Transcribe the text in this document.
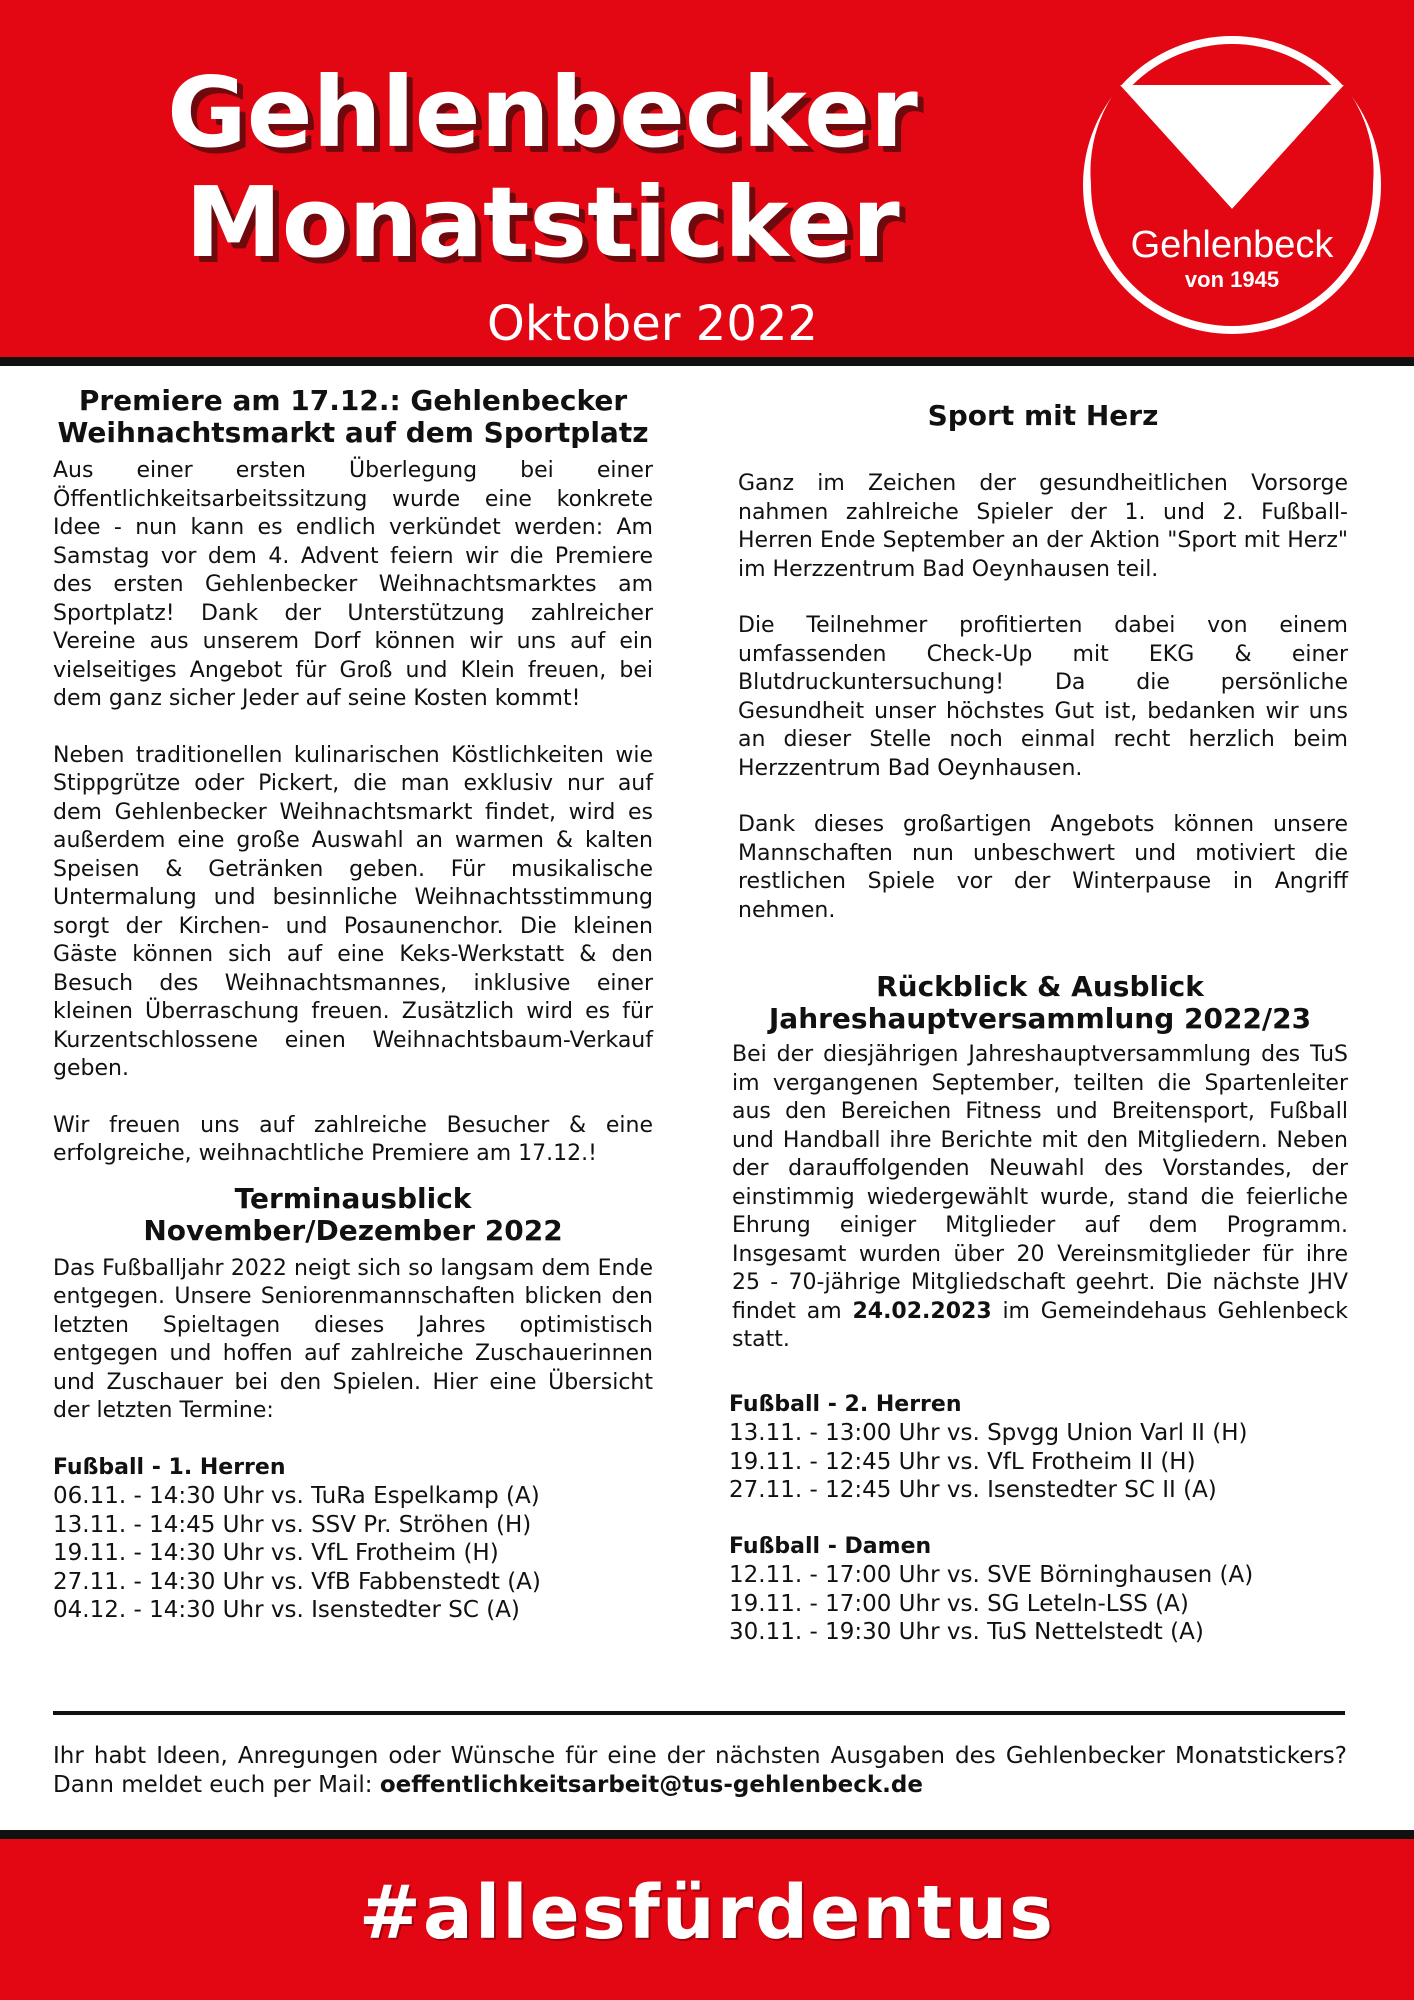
Gehlenbecker
Monatsticker
Oktober 2022
TUS
Gehlenbeck
von 1945
Premiere am 17.12.: Gehlenbecker
Weihnachtsmarkt auf dem Sportplatz

Aus einer ersten Überlegung bei einer Öffentlichkeitsarbeitssitzung wurde eine konkrete Idee - nun kann es endlich verkündet werden: Am Samstag vor dem 4. Advent feiern wir die Premiere des ersten Gehlenbecker Weihnachtsmarktes am Sportplatz! Dank der Unterstützung zahlreicher Vereine aus unserem Dorf können wir uns auf ein vielseitiges Angebot für Groß und Klein freuen, bei dem ganz sicher Jeder auf seine Kosten kommt!

Neben traditionellen kulinarischen Köstlichkeiten wie Stippgrütze oder Pickert, die man exklusiv nur auf dem Gehlenbecker Weihnachtsmarkt findet, wird es außerdem eine große Auswahl an warmen & kalten Speisen & Getränken geben. Für musikalische Untermalung und besinnliche Weihnachtsstimmung sorgt der Kirchen- und Posaunenchor. Die kleinen Gäste können sich auf eine Keks-Werkstatt & den Besuch des Weihnachtsmannes, inklusive einer kleinen Überraschung freuen. Zusätzlich wird es für Kurzentschlossene einen Weihnachtsbaum-Verkauf geben.

Wir freuen uns auf zahlreiche Besucher & eine erfolgreiche, weihnachtliche Premiere am 17.12.!

Terminausblick
November/Dezember 2022

Das Fußballjahr 2022 neigt sich so langsam dem Ende entgegen. Unsere Seniorenmannschaften blicken den letzten Spieltagen dieses Jahres optimistisch entgegen und hoffen auf zahlreiche Zuschauerinnen und Zuschauer bei den Spielen. Hier eine Übersicht der letzten Termine:

Fußball - 1. Herren

06.11. - 14:30 Uhr vs. TuRa Espelkamp (A)

13.11. - 14:45 Uhr vs. SSV Pr. Ströhen (H)

19.11. - 14:30 Uhr vs. VfL Frotheim (H)

27.11. - 14:30 Uhr vs. VfB Fabbenstedt (A)

04.12. - 14:30 Uhr vs. Isenstedter SC (A)

Sport mit Herz

Ganz im Zeichen der gesundheitlichen Vorsorge nahmen zahlreiche Spieler der 1. und 2. Fußball-Herren Ende September an der Aktion "Sport mit Herz" im Herzzentrum Bad Oeynhausen teil.

Die Teilnehmer profitierten dabei von einem umfassenden Check-Up mit EKG & einer Blutdruckuntersuchung! Da die persönliche Gesundheit unser höchstes Gut ist, bedanken wir uns an dieser Stelle noch einmal recht herzlich beim Herzzentrum Bad Oeynhausen.

Dank dieses großartigen Angebots können unsere Mannschaften nun unbeschwert und motiviert die restlichen Spiele vor der Winterpause in Angriff nehmen.

Rückblick & Ausblick
Jahreshauptversammlung 2022/23

Bei der diesjährigen Jahreshauptversammlung des TuS im vergangenen September, teilten die Spartenleiter aus den Bereichen Fitness und Breitensport, Fußball und Handball ihre Berichte mit den Mitgliedern. Neben der darauffolgenden Neuwahl des Vorstandes, der einstimmig wiedergewählt wurde, stand die feierliche Ehrung einiger Mitglieder auf dem Programm. Insgesamt wurden über 20 Vereinsmitglieder für ihre 25 - 70-jährige Mitgliedschaft geehrt. Die nächste JHV findet am 24.02.2023 im Gemeindehaus Gehlenbeck statt.

Fußball - 2. Herren

13.11. - 13:00 Uhr vs. Spvgg Union Varl II (H)

19.11. - 12:45 Uhr vs. VfL Frotheim II (H)

27.11. - 12:45 Uhr vs. Isenstedter SC II (A)

Fußball - Damen

12.11. - 17:00 Uhr vs. SVE Börninghausen (A)

19.11. - 17:00 Uhr vs. SG Leteln-LSS (A)

30.11. - 19:30 Uhr vs. TuS Nettelstedt (A)

Ihr habt Ideen, Anregungen oder Wünsche für eine der nächsten Ausgaben des Gehlenbecker Monatstickers? Dann meldet euch per Mail: oeffentlichkeitsarbeit@tus-gehlenbeck.de

#allesfürdentus
